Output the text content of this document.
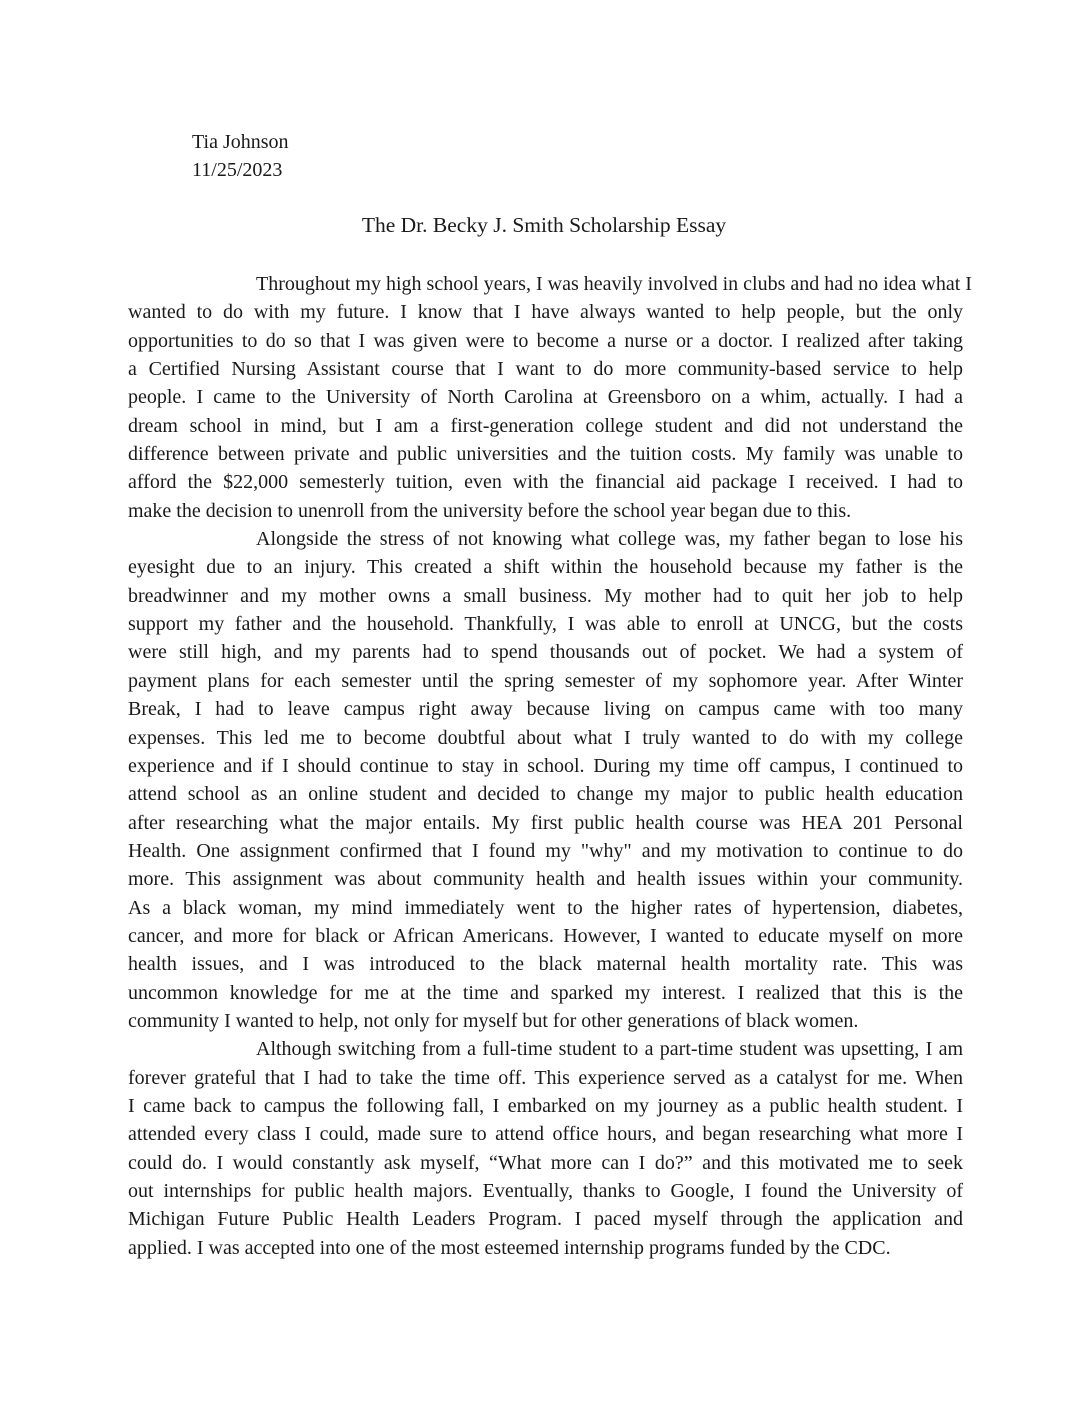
Tia Johnson
11/25/2023
The Dr. Becky J. Smith Scholarship Essay

Throughout my high school years, I was heavily involved in clubs and had no idea what I
wanted to do with my future. I know that I have always wanted to help people, but the only
opportunities to do so that I was given were to become a nurse or a doctor. I realized after taking
a Certified Nursing Assistant course that I want to do more community-based service to help
people. I came to the University of North Carolina at Greensboro on a whim, actually. I had a
dream school in mind, but I am a first-generation college student and did not understand the
difference between private and public universities and the tuition costs. My family was unable to
afford the $22,000 semesterly tuition, even with the financial aid package I received. I had to
make the decision to unenroll from the university before the school year began due to this.

Alongside the stress of not knowing what college was, my father began to lose his
eyesight due to an injury. This created a shift within the household because my father is the
breadwinner and my mother owns a small business. My mother had to quit her job to help
support my father and the household. Thankfully, I was able to enroll at UNCG, but the costs
were still high, and my parents had to spend thousands out of pocket. We had a system of
payment plans for each semester until the spring semester of my sophomore year. After Winter
Break, I had to leave campus right away because living on campus came with too many
expenses. This led me to become doubtful about what I truly wanted to do with my college
experience and if I should continue to stay in school. During my time off campus, I continued to
attend school as an online student and decided to change my major to public health education
after researching what the major entails. My first public health course was HEA 201 Personal
Health. One assignment confirmed that I found my "why" and my motivation to continue to do
more. This assignment was about community health and health issues within your community.
As a black woman, my mind immediately went to the higher rates of hypertension, diabetes,
cancer, and more for black or African Americans. However, I wanted to educate myself on more
health issues, and I was introduced to the black maternal health mortality rate. This was
uncommon knowledge for me at the time and sparked my interest. I realized that this is the
community I wanted to help, not only for myself but for other generations of black women.

Although switching from a full-time student to a part-time student was upsetting, I am
forever grateful that I had to take the time off. This experience served as a catalyst for me. When
I came back to campus the following fall, I embarked on my journey as a public health student. I
attended every class I could, made sure to attend office hours, and began researching what more I
could do. I would constantly ask myself, “What more can I do?” and this motivated me to seek
out internships for public health majors. Eventually, thanks to Google, I found the University of
Michigan Future Public Health Leaders Program. I paced myself through the application and
applied. I was accepted into one of the most esteemed internship programs funded by the CDC.
